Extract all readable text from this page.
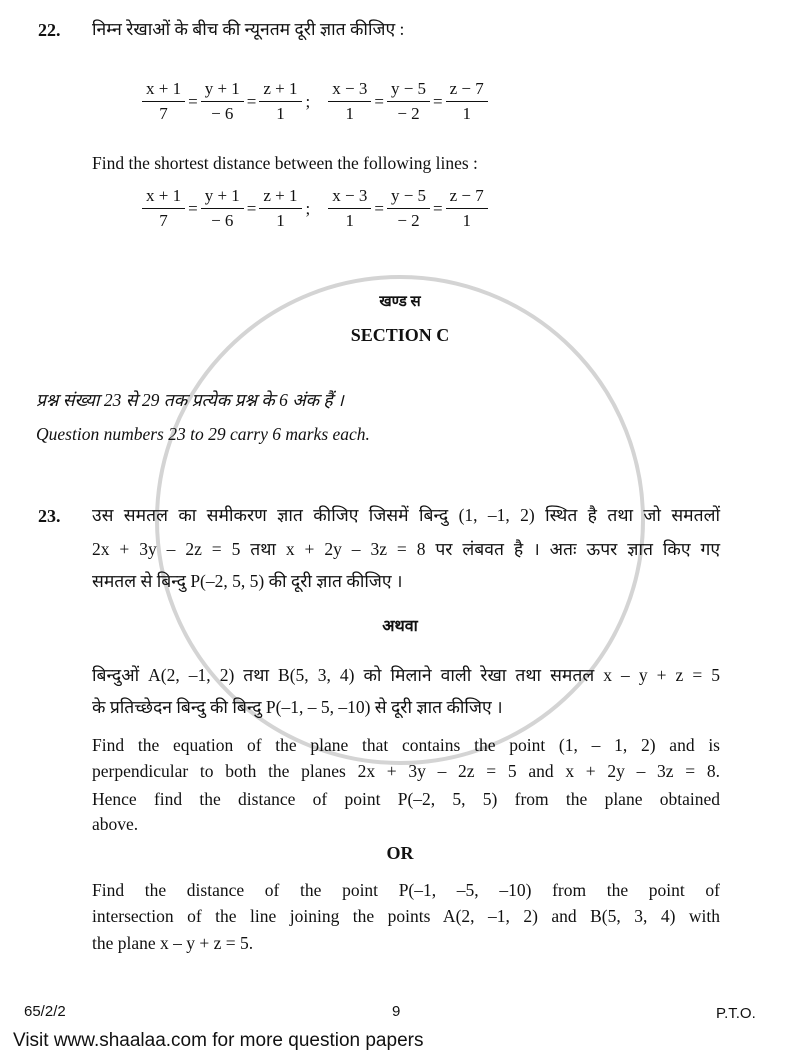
22. निम्न रेखाओं के बीच की न्यूनतम दूरी ज्ञात कीजिए :
$\frac{x + 1}{7} = \frac{y + 1}{- 6} = \frac{z + 1}{1}$ ; $\frac{x - 3}{1} = \frac{y - 5}{- 2} = \frac{z - 7}{1}$
Find the shortest distance between the following lines :
$\frac{x + 1}{7} = \frac{y + 1}{- 6} = \frac{z + 1}{1}$ ; $\frac{x - 3}{1} = \frac{y - 5}{- 2} = \frac{z - 7}{1}$
खण्ड स
SECTION C
प्रश्न संख्या 23 से 29 तक प्रत्येक प्रश्न के 6 अंक हैं ।
Question numbers 23 to 29 carry 6 marks each.
23. उस समतल का समीकरण ज्ञात कीजिए जिसमें बिन्दु (1, –1, 2) स्थित है तथा जो समतलों
2x + 3y – 2z = 5 तथा x + 2y – 3z = 8 पर लंबवत है । अतः ऊपर ज्ञात किए गए
समतल से बिन्दु P(–2, 5, 5) की दूरी ज्ञात कीजिए ।
अथवा
बिन्दुओं A(2, –1, 2) तथा B(5, 3, 4) को मिलाने वाली रेखा तथा समतल x – y + z = 5
के प्रतिच्छेदन बिन्दु की बिन्दु P(–1, – 5, –10) से दूरी ज्ञात कीजिए ।
Find the equation of the plane that contains the point (1, – 1, 2) and is
perpendicular to both the planes 2x + 3y – 2z = 5 and x + 2y – 3z = 8.
Hence find the distance of point P(–2, 5, 5) from the plane obtained
above.
OR
Find the distance of the point P(–1, –5, –10) from the point of
intersection of the line joining the points A(2, –1, 2) and B(5, 3, 4) with
the plane x – y + z = 5.
65/2/2	9	P.T.O.
Visit www.shaalaa.com for more question papers
